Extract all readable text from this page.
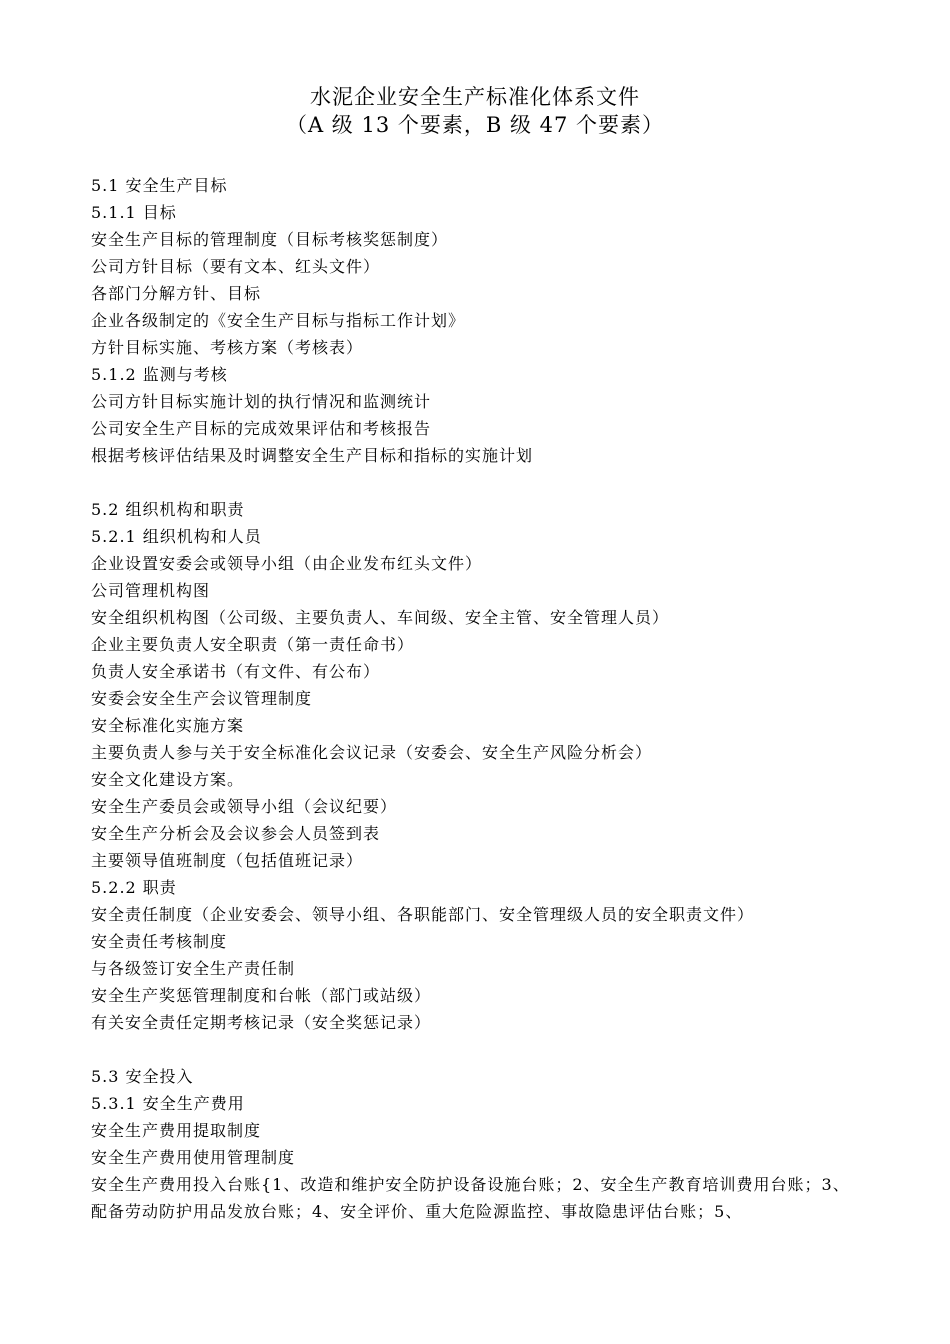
水泥企业安全生产标准化体系文件
（A 级 13 个要素，B 级 47 个要素）
5.1 安全生产目标
5.1.1 目标
安全生产目标的管理制度（目标考核奖惩制度）
公司方针目标（要有文本、红头文件）
各部门分解方针、目标
企业各级制定的《安全生产目标与指标工作计划》
方针目标实施、考核方案（考核表）
5.1.2 监测与考核
公司方针目标实施计划的执行情况和监测统计
公司安全生产目标的完成效果评估和考核报告
根据考核评估结果及时调整安全生产目标和指标的实施计划
5.2 组织机构和职责
5.2.1 组织机构和人员
企业设置安委会或领导小组（由企业发布红头文件）
公司管理机构图
安全组织机构图（公司级、主要负责人、车间级、安全主管、安全管理人员）
企业主要负责人安全职责（第一责任命书）
负责人安全承诺书（有文件、有公布）
安委会安全生产会议管理制度
安全标准化实施方案
主要负责人参与关于安全标准化会议记录（安委会、安全生产风险分析会）
安全文化建设方案。
安全生产委员会或领导小组（会议纪要）
安全生产分析会及会议参会人员签到表
主要领导值班制度（包括值班记录）
5.2.2 职责
安全责任制度（企业安委会、领导小组、各职能部门、安全管理级人员的安全职责文件）
安全责任考核制度
与各级签订安全生产责任制
安全生产奖惩管理制度和台帐（部门或站级）
有关安全责任定期考核记录（安全奖惩记录）
5.3 安全投入
5.3.1 安全生产费用
安全生产费用提取制度
安全生产费用使用管理制度
安全生产费用投入台账{1、改造和维护安全防护设备设施台账；2、安全生产教育培训费用台账；3、配备劳动防护用品发放台账；4、安全评价、重大危险源监控、事故隐患评估台账；5、
